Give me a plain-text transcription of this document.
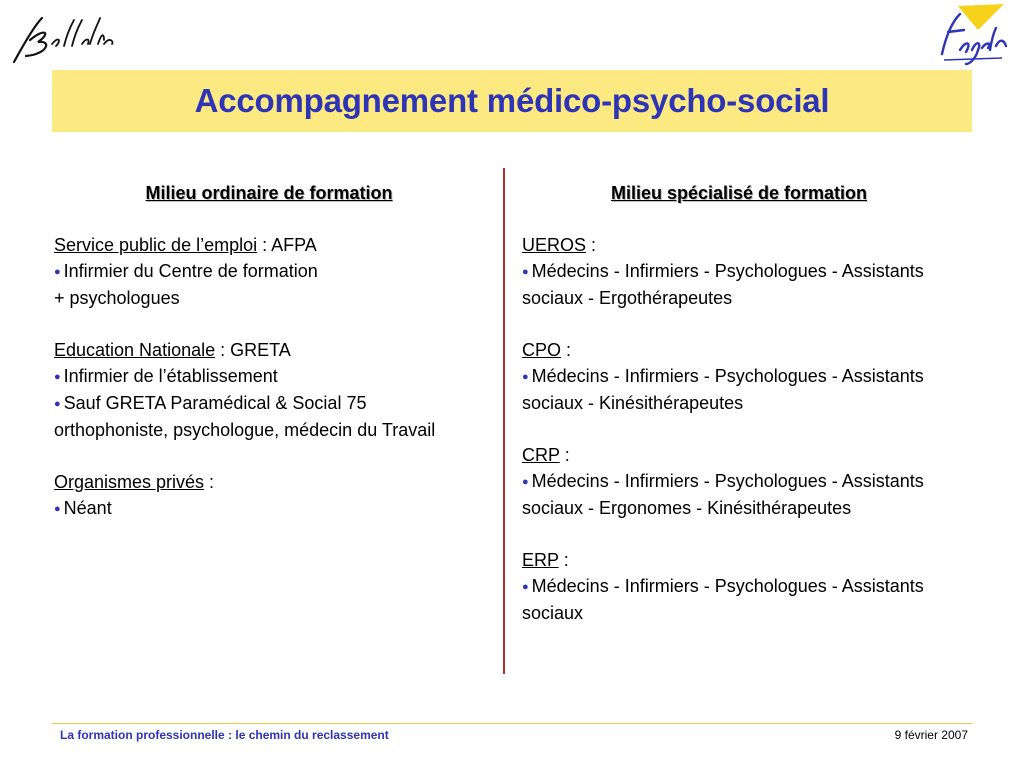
Accompagnement médico-psycho-social
Milieu ordinaire de formation
Service public de l’emploi : AFPA
● Infirmier du Centre de formation
+ psychologues
Education Nationale : GRETA
● Infirmier de l’établissement
● Sauf GRETA Paramédical & Social 75
orthophoniste, psychologue, médecin du Travail
Organismes privés :
● Néant
Milieu spécialisé de formation
UEROS :
● Médecins - Infirmiers - Psychologues - Assistants sociaux - Ergothérapeutes
CPO :
● Médecins - Infirmiers - Psychologues - Assistants sociaux - Kinésithérapeutes
CRP :
● Médecins - Infirmiers - Psychologues - Assistants sociaux - Ergonomes - Kinésithérapeutes
ERP :
● Médecins - Infirmiers - Psychologues - Assistants sociaux
La formation professionnelle : le chemin du reclassement	9 février 2007
